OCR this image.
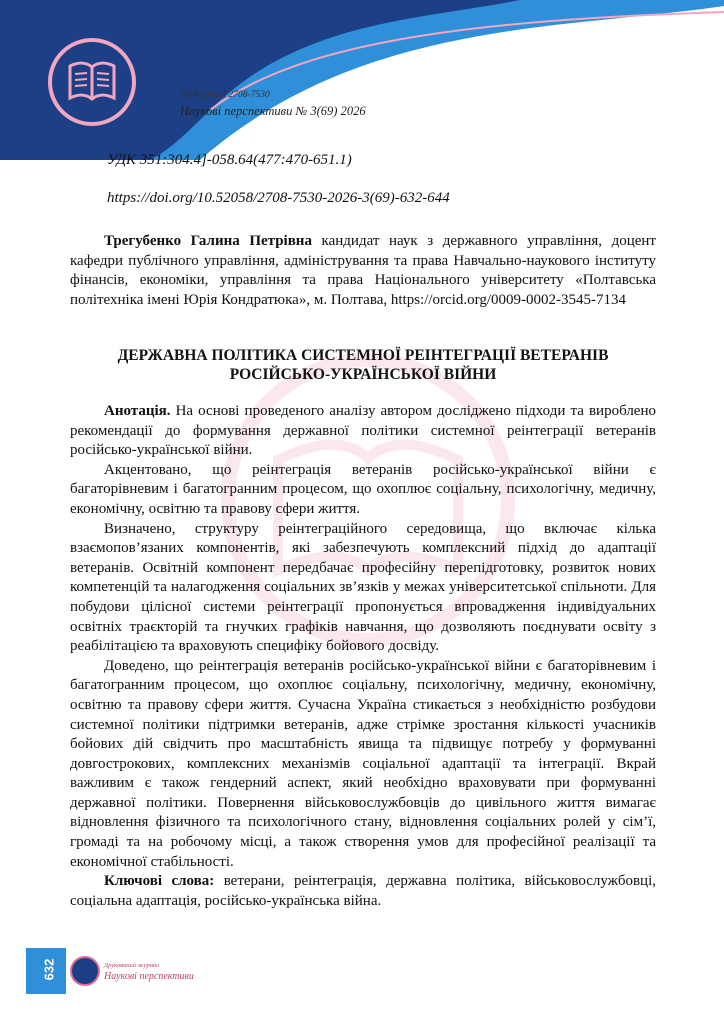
ISSN (print) 2708-7530
Наукові перспективи № 3(69) 2026
УДК 351:304.4]-058.64(477:470-651.1)
https://doi.org/10.52058/2708-7530-2026-3(69)-632-644

Трегубенко Галина Петрівна кандидат наук з державного управління, доцент кафедри публічного управління, адміністрування та права Навчально-наукового інституту фінансів, економіки, управління та права Національного університету «Полтавська політехніка імені Юрія Кондратюка», м. Полтава, https://orcid.org/0009-0002-3545-7134

ДЕРЖАВНА ПОЛІТИКА СИСТЕМНОЇ РЕІНТЕГРАЦІЇ ВЕТЕРАНІВ РОСІЙСЬКО-УКРАЇНСЬКОЇ ВІЙНИ

Анотація. На основі проведеного аналізу автором досліджено підходи та вироблено рекомендації до формування державної політики системної реінтеграції ветеранів російсько-української війни.

Акцентовано, що реінтеграція ветеранів російсько-української війни є багаторівневим і багатогранним процесом, що охоплює соціальну, психологічну, медичну, економічну, освітню та правову сфери життя.

Визначено, структуру реінтеграційного середовища, що включає кілька взаємопов’язаних компонентів, які забезпечують комплексний підхід до адаптації ветеранів. Освітній компонент передбачає професійну перепідготовку, розвиток нових компетенцій та налагодження соціальних зв’язків у межах університетської спільноти. Для побудови цілісної системи реінтеграції пропонується впровадження індивідуальних освітніх траєкторій та гнучких графіків навчання, що дозволяють поєднувати освіту з реабілітацією та враховують специфіку бойового досвіду.

Доведено, що реінтеграція ветеранів російсько-української війни є багаторівневим і багатогранним процесом, що охоплює соціальну, психологічну, медичну, економічну, освітню та правову сфери життя. Сучасна Україна стикається з необхідністю розбудови системної політики підтримки ветеранів, адже стрімке зростання кількості учасників бойових дій свідчить про масштабність явища та підвищує потребу у формуванні довгострокових, комплексних механізмів соціальної адаптації та інтеграції. Вкрай важливим є також гендерний аспект, який необхідно враховувати при формуванні державної політики. Повернення військовослужбовців до цивільного життя вимагає відновлення фізичного та психологічного стану, відновлення соціальних ролей у сім’ї, громаді та на робочому місці, а також створення умов для професійної реалізації та економічної стабільності.

Ключові слова: ветерани, реінтеграція, державна політика, військовослужбовці, соціальна адаптація, російсько-українська війна.

632	Друкований журнал
Наукові перспективи
